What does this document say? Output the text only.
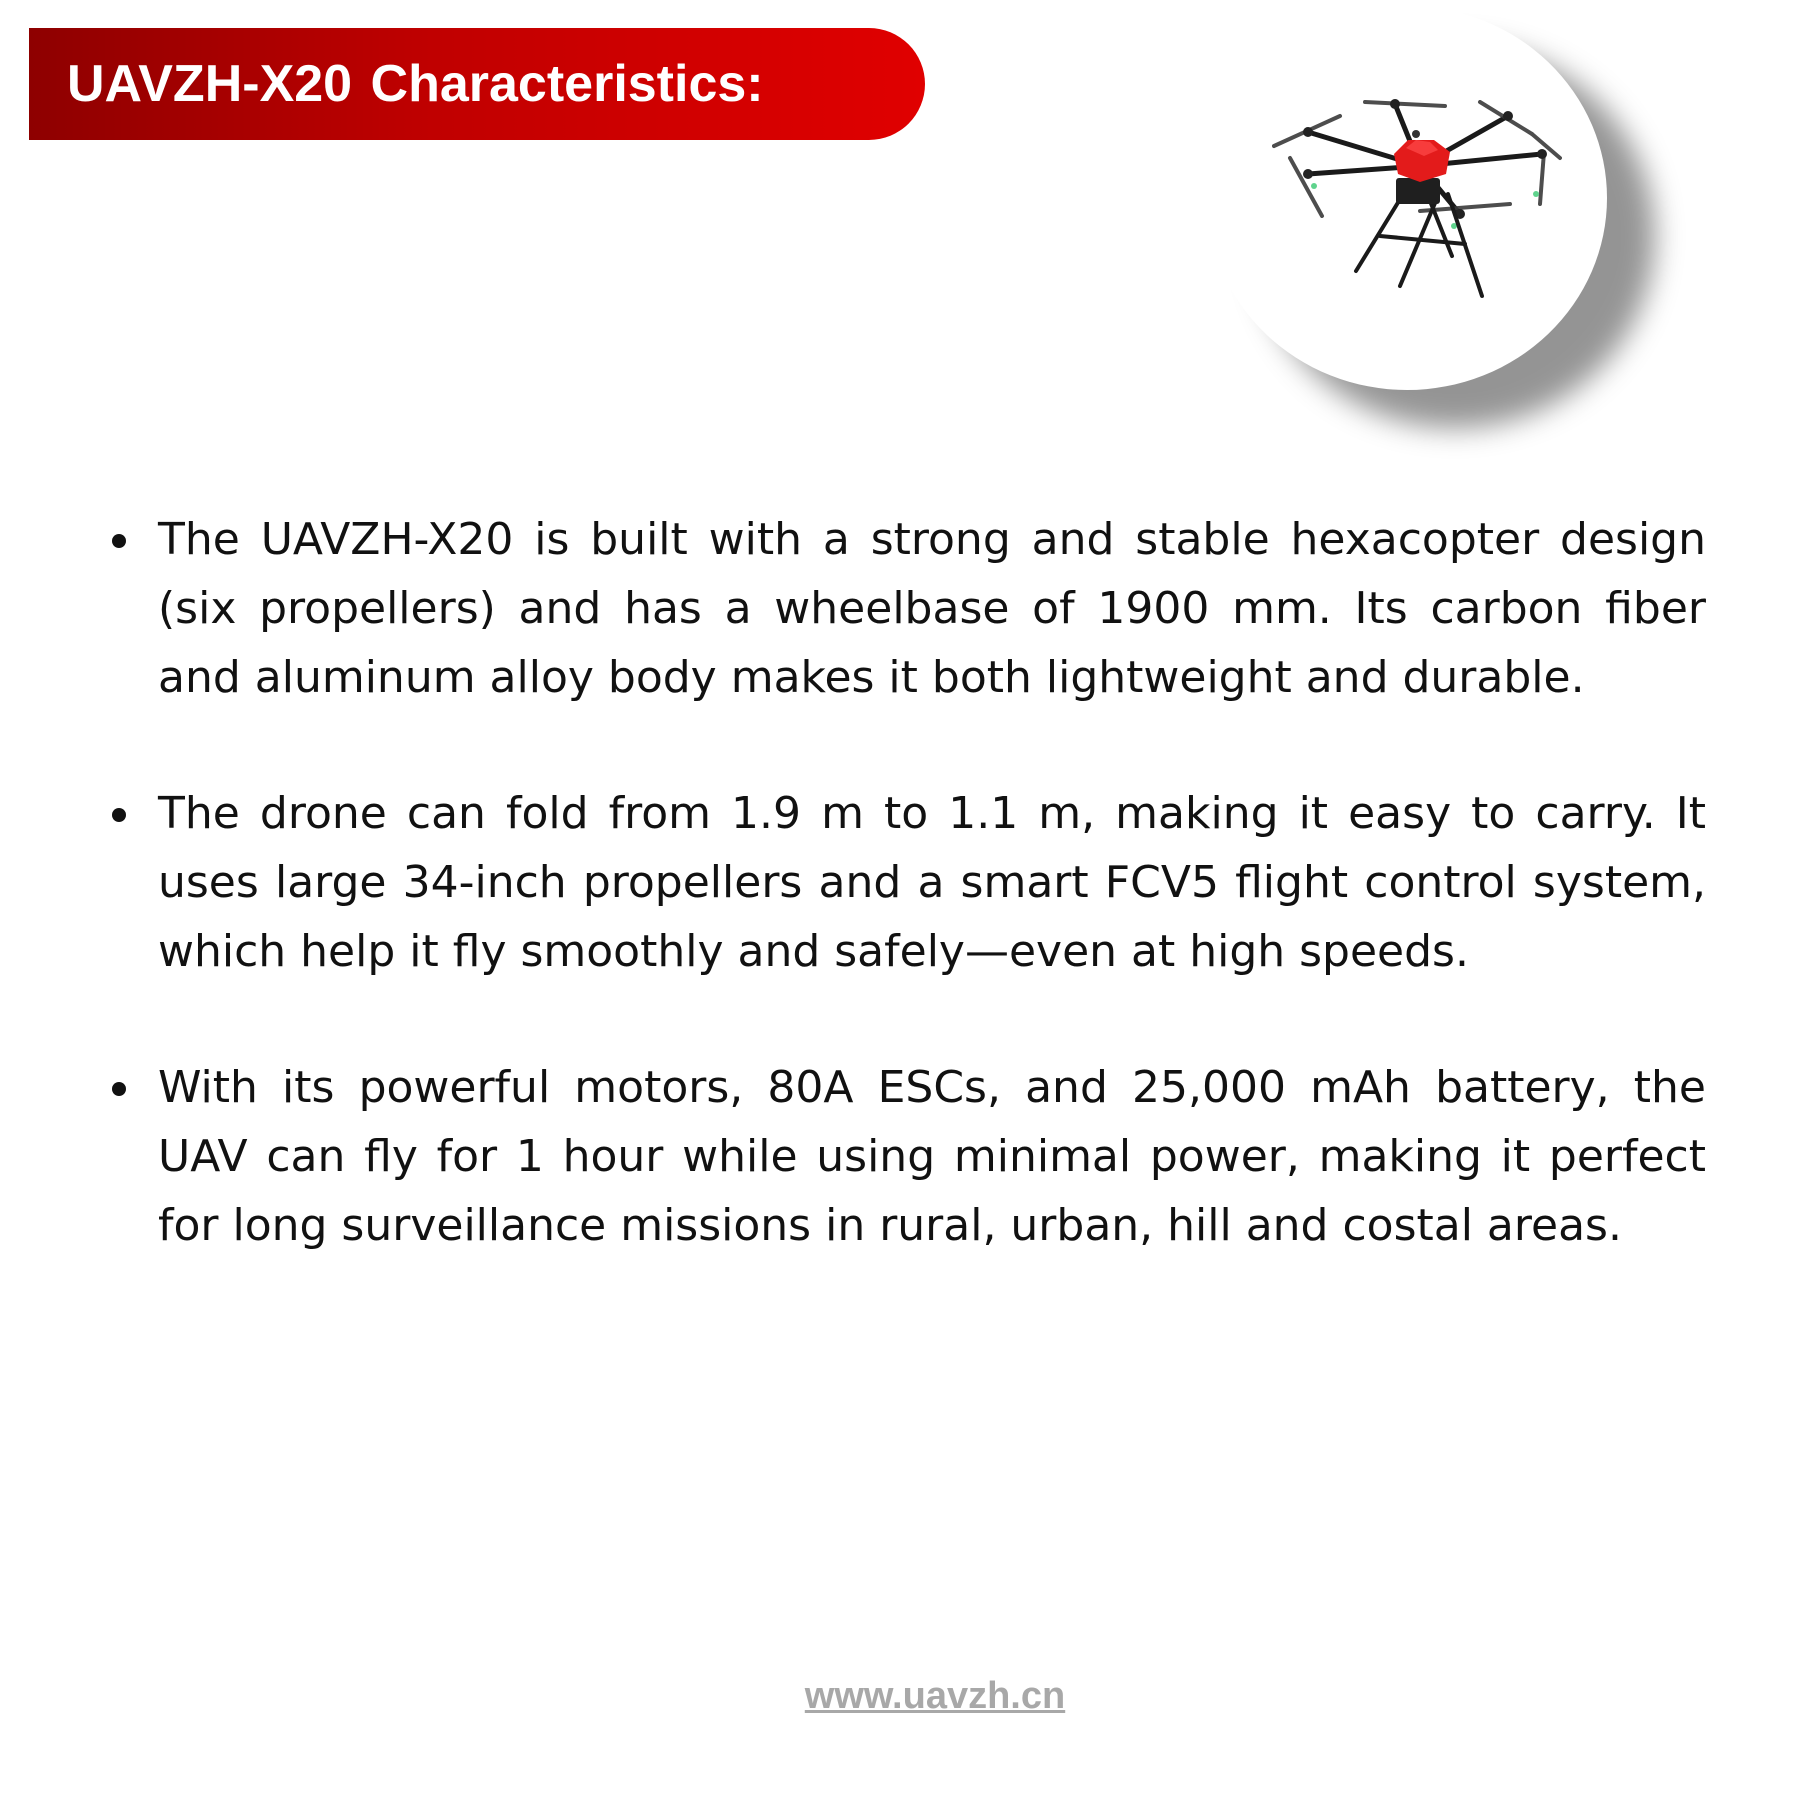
UAVZH-X20 Characteristics:
The UAVZH-X20 is built with a strong and stable hexacopter design (six propellers) and has a wheelbase of 1900 mm. Its carbon fiber and aluminum alloy body makes it both lightweight and durable.
The drone can fold from 1.9 m to 1.1 m, making it easy to carry. It uses large 34-inch propellers and a smart FCV5 flight control system, which help it fly smoothly and safely—even at high speeds.
With its powerful motors, 80A ESCs, and 25,000 mAh battery, the UAV can fly for 1 hour while using minimal power, making it perfect for long surveillance missions in rural, urban, hill and costal areas.
www.uavzh.cn
